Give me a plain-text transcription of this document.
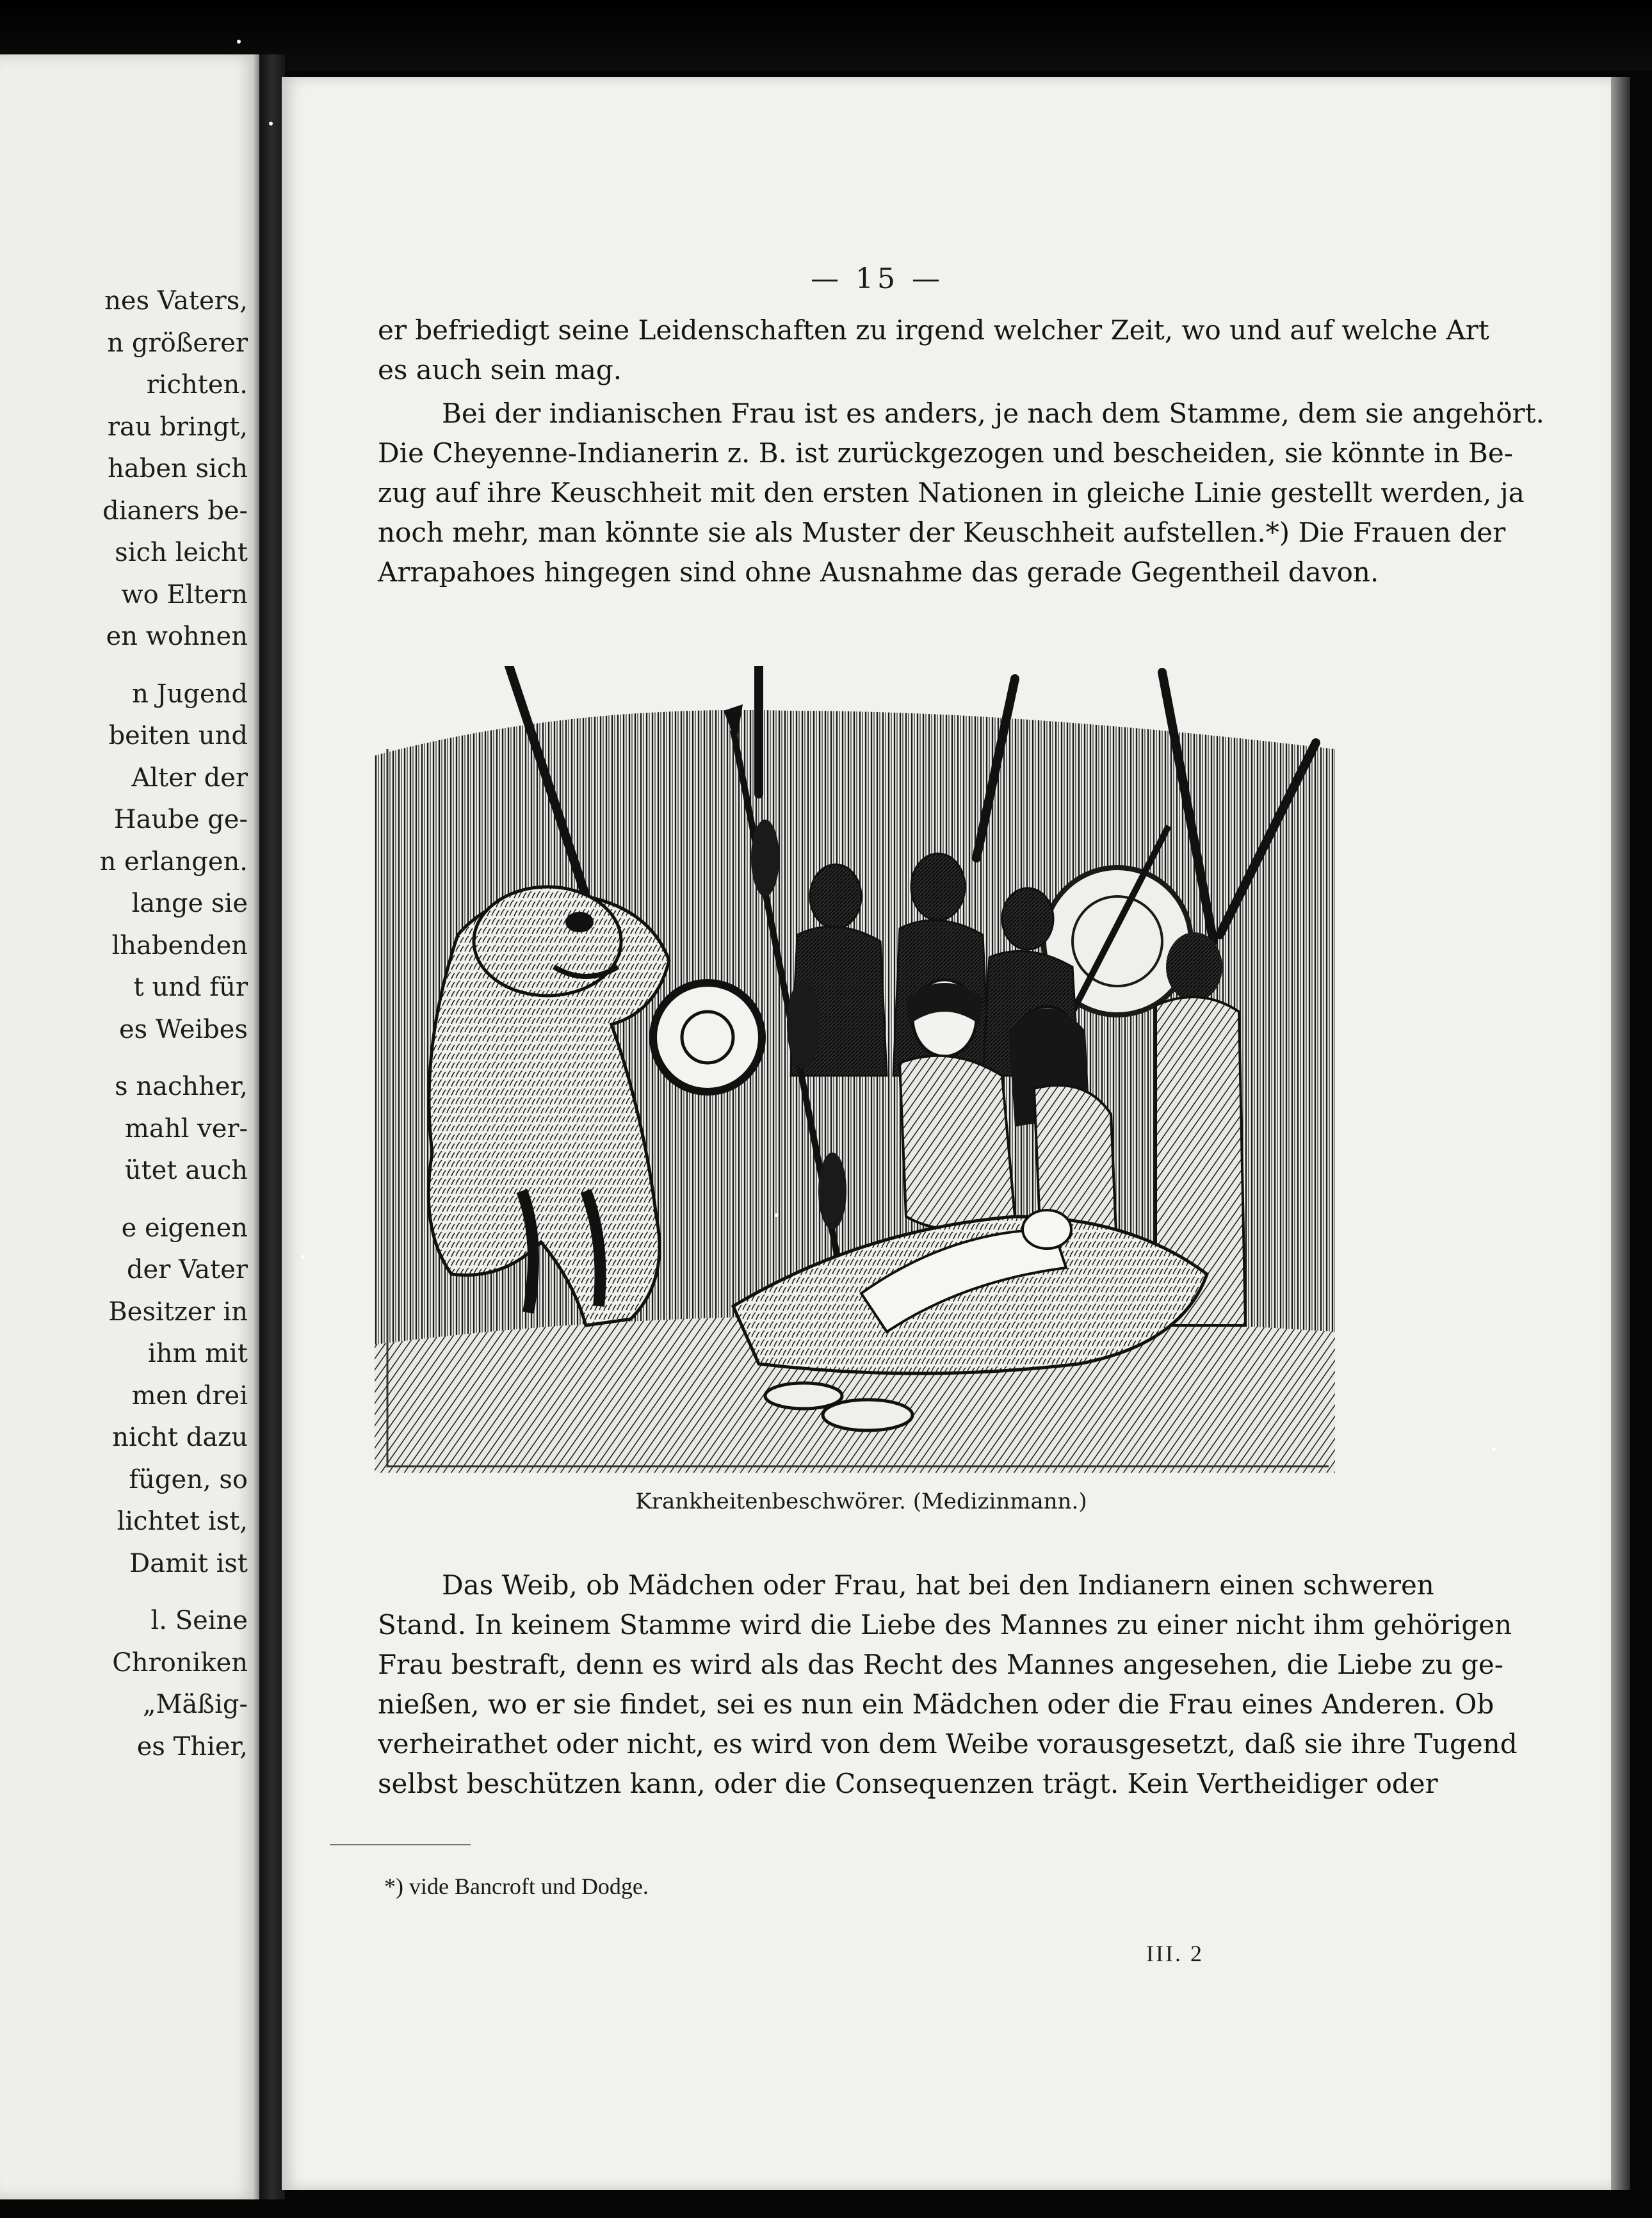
nes Vaters,
n größerer
richten.
rau bringt,
haben sich
dianers be-
sich leicht
wo Eltern
en wohnen
n Jugend
beiten und
Alter der
Haube ge-
n erlangen.
lange sie
lhabenden
t und für
es Weibes
s nachher,
mahl ver-
ütet auch
e eigenen
der Vater
Besitzer in
ihm mit
men drei
nicht dazu
fügen, so
lichtet ist,
Damit ist
l. Seine
Chroniken
„Mäßig-
es Thier,
— 15 —
er befriedigt seine Leidenschaften zu irgend welcher Zeit, wo und auf welche Art
es auch sein mag.
Bei der indianischen Frau ist es anders, je nach dem Stamme, dem sie angehört.
Die Cheyenne-Indianerin z. B. ist zurückgezogen und bescheiden, sie könnte in Be-
zug auf ihre Keuschheit mit den ersten Nationen in gleiche Linie gestellt werden, ja
noch mehr, man könnte sie als Muster der Keuschheit aufstellen.*) Die Frauen der
Arrapahoes hingegen sind ohne Ausnahme das gerade Gegentheil davon.
Krankheitenbeschwörer. (Medizinmann.)
Das Weib, ob Mädchen oder Frau, hat bei den Indianern einen schweren
Stand. In keinem Stamme wird die Liebe des Mannes zu einer nicht ihm gehörigen
Frau bestraft, denn es wird als das Recht des Mannes angesehen, die Liebe zu ge-
nießen, wo er sie findet, sei es nun ein Mädchen oder die Frau eines Anderen. Ob
verheirathet oder nicht, es wird von dem Weibe vorausgesetzt, daß sie ihre Tugend
selbst beschützen kann, oder die Consequenzen trägt. Kein Vertheidiger oder
*) vide Bancroft und Dodge.
III. 2
